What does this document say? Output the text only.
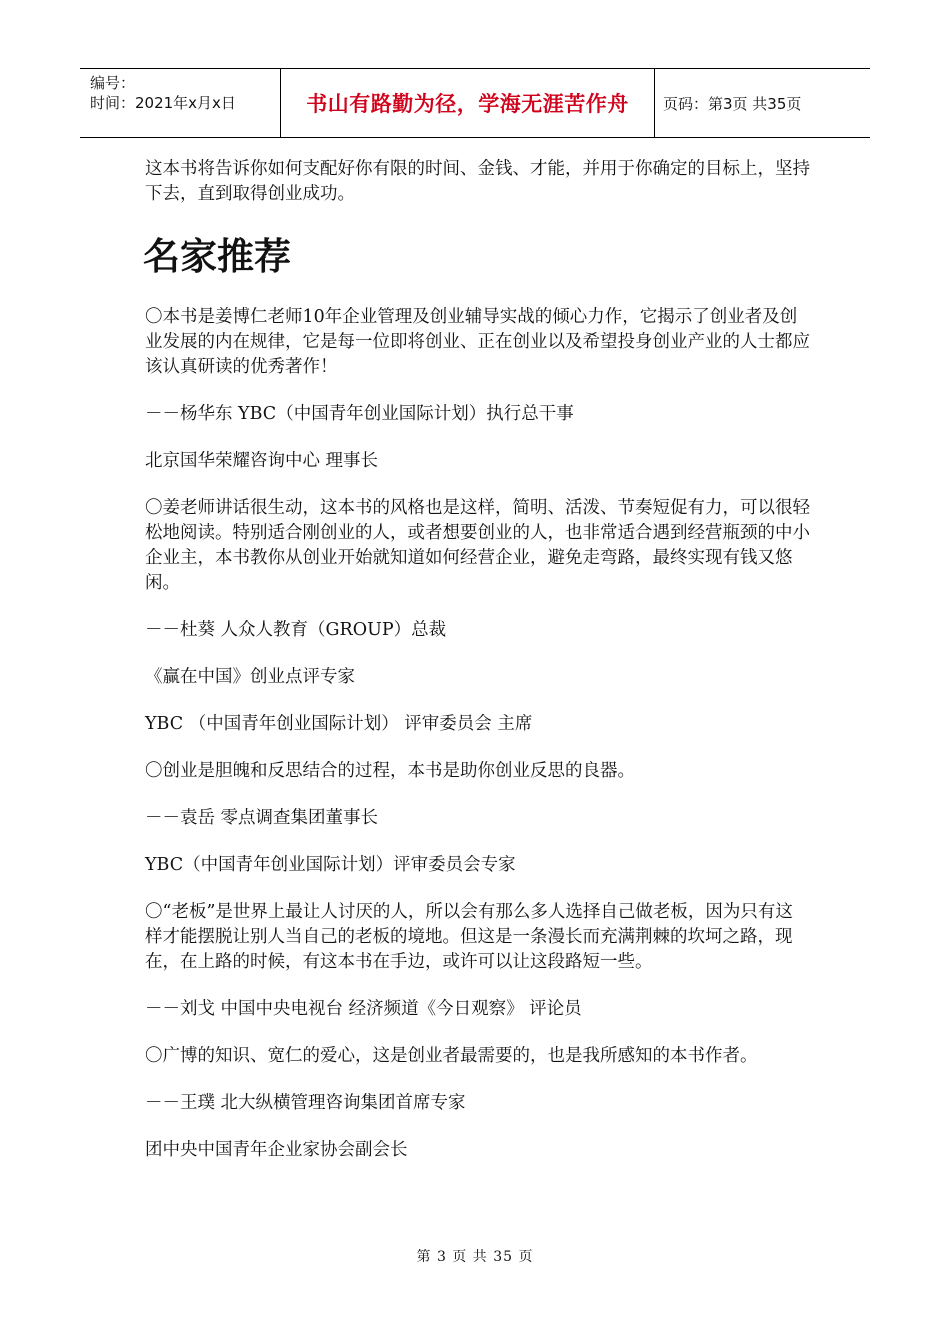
编号：
时间：2021年x月x日	书山有路勤为径，学海无涯苦作舟	页码：第3页 共35页

这本书将告诉你如何支配好你有限的时间、金钱、才能，并用于你确定的目标上，坚持下去，直到取得创业成功。

名家推荐

〇本书是姜博仁老师10年企业管理及创业辅导实战的倾心力作，它揭示了创业者及创业发展的内在规律，它是每一位即将创业、正在创业以及希望投身创业产业的人士都应该认真研读的优秀著作！

－－杨华东 YBC（中国青年创业国际计划）执行总干事

北京国华荣耀咨询中心 理事长

〇姜老师讲话很生动，这本书的风格也是这样，简明、活泼、节奏短促有力，可以很轻松地阅读。特别适合刚创业的人，或者想要创业的人，也非常适合遇到经营瓶颈的中小企业主，本书教你从创业开始就知道如何经营企业，避免走弯路，最终实现有钱又悠闲。

－－杜葵 人众人教育（GROUP）总裁

《赢在中国》创业点评专家

YBC （中国青年创业国际计划） 评审委员会 主席

〇创业是胆魄和反思结合的过程，本书是助你创业反思的良器。

－－袁岳 零点调查集团董事长

YBC（中国青年创业国际计划）评审委员会专家

〇“老板”是世界上最让人讨厌的人，所以会有那么多人选择自己做老板，因为只有这样才能摆脱让别人当自己的老板的境地。但这是一条漫长而充满荆棘的坎坷之路，现在，在上路的时候，有这本书在手边，或许可以让这段路短一些。

－－刘戈 中国中央电视台 经济频道《今日观察》 评论员

〇广博的知识、宽仁的爱心，这是创业者最需要的，也是我所感知的本书作者。

－－王璞 北大纵横管理咨询集团首席专家

团中央中国青年企业家协会副会长

第 3 页 共 35 页
